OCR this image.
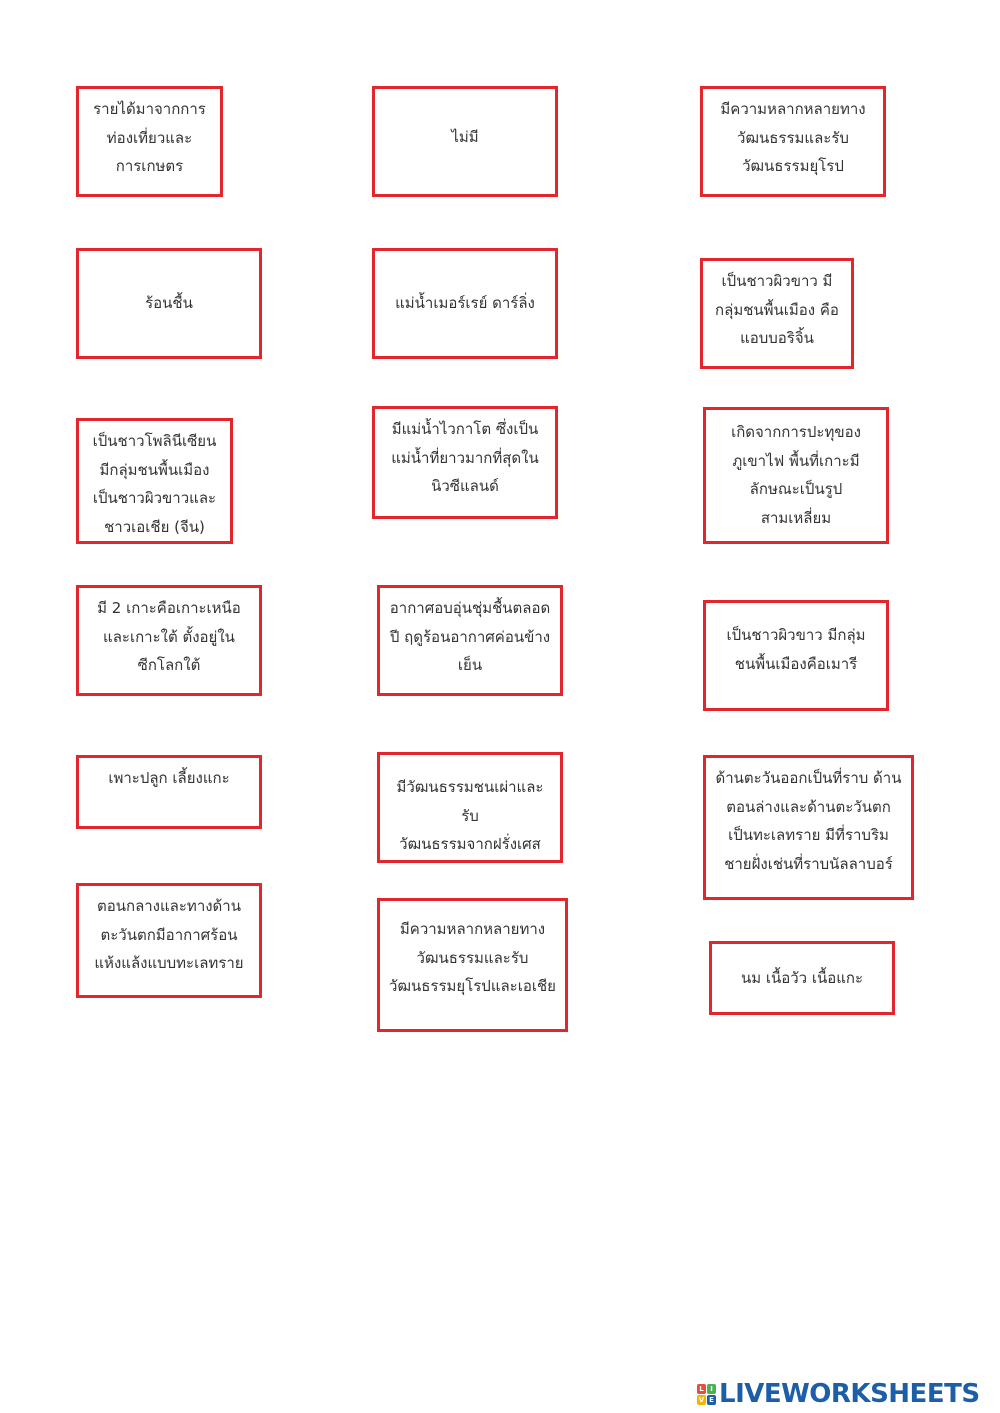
รายได้มาจากการ
ท่องเที่ยวและ
การเกษตร
ร้อนชื้น
เป็นชาวโพลินีเซียน
มีกลุ่มชนพื้นเมือง
เป็นชาวผิวขาวและ
ชาวเอเชีย (จีน)
มี 2 เกาะคือเกาะเหนือ
และเกาะใต้ ตั้งอยู่ใน
ซีกโลกใต้
เพาะปลูก เลี้ยงแกะ
ตอนกลางและทางด้าน
ตะวันตกมีอากาศร้อน
แห้งแล้งแบบทะเลทราย
ไม่มี
แม่น้ำเมอร์เรย์ ดาร์ลิ่ง
มีแม่น้ำไวกาโต ซึ่งเป็น
แม่น้ำที่ยาวมากที่สุดใน
นิวซีแลนด์
อากาศอบอุ่นชุ่มชื้นตลอด
ปี ฤดูร้อนอากาศค่อนข้าง
เย็น
มีวัฒนธรรมชนเผ่าและรับ
วัฒนธรรมจากฝรั่งเศส
มีความหลากหลายทาง
วัฒนธรรมและรับ
วัฒนธรรมยุโรปและเอเชีย
มีความหลากหลายทาง
วัฒนธรรมและรับ
วัฒนธรรมยุโรป
เป็นชาวผิวขาว มี
กลุ่มชนพื้นเมือง คือ
แอบบอริจิ้น
เกิดจากการปะทุของ
ภูเขาไฟ พื้นที่เกาะมี
ลักษณะเป็นรูป
สามเหลี่ยม
เป็นชาวผิวขาว มีกลุ่ม
ชนพื้นเมืองคือเมารี
ด้านตะวันออกเป็นที่ราบ ด้าน
ตอนล่างและด้านตะวันตก
เป็นทะเลทราย มีที่ราบริม
ชายฝั่งเช่นที่ราบนัลลาบอร์
นม เนื้อวัว เนื้อแกะ
L I
V E LIVEWORKSHEETS
